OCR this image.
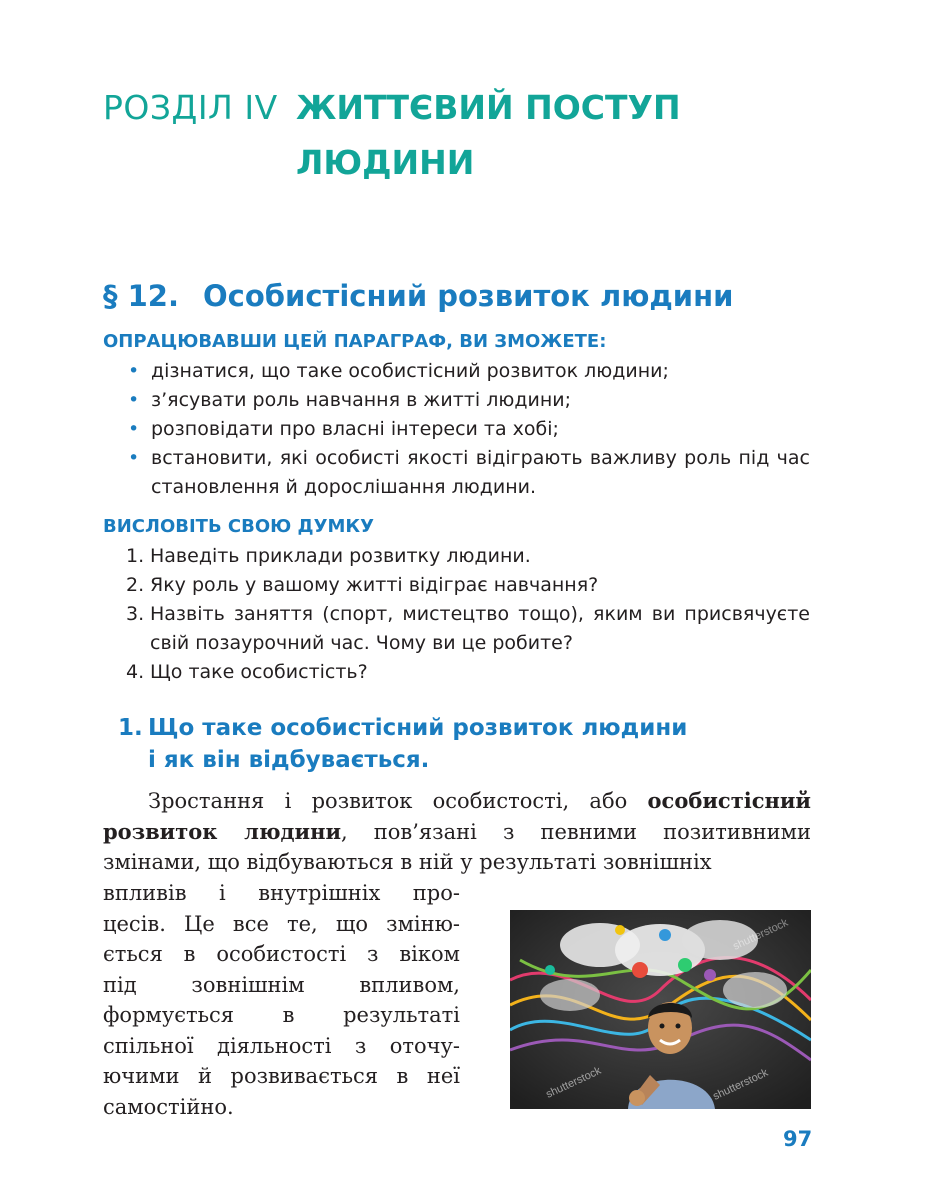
РОЗДІЛ IV ЖИТТЄВИЙ ПОСТУП
ЛЮДИНИ
§ 12. Особистісний розвиток людини
ОПРАЦЮВАВШИ ЦЕЙ ПАРАГРАФ, ВИ ЗМОЖЕТЕ:
• дізнатися, що таке особистісний розвиток людини;
• з’ясувати роль навчання в житті людини;
• розповідати про власні інтереси та хобі;
• встановити, які особисті якості відіграють важливу роль під час становлення й дорослішання людини.
ВИСЛОВІТЬ СВОЮ ДУМКУ
1. Наведіть приклади розвитку людини.
2. Яку роль у вашому житті відіграє навчання?
3. Назвіть заняття (спорт, мистецтво тощо), яким ви присвячуєте свій позаурочний час. Чому ви це робите?
4. Що таке особистість?
1. Що таке особистісний розвиток людини
і як він відбувається.
Зростання і розвиток особистості, або особистісний розвиток людини, пов’язані з певними позитивними змінами, що відбуваються в ній у результаті зовнішніх
впливів і внутрішніх про-
цесів. Це все те, що зміню-
ється в особистості з віком
під зовнішнім впливом,
формується в результаті
спільної діяльності з оточу-
ючими й розвивається в неї
самостійно.
shutterstock	shutterstock
shutterstock
97
